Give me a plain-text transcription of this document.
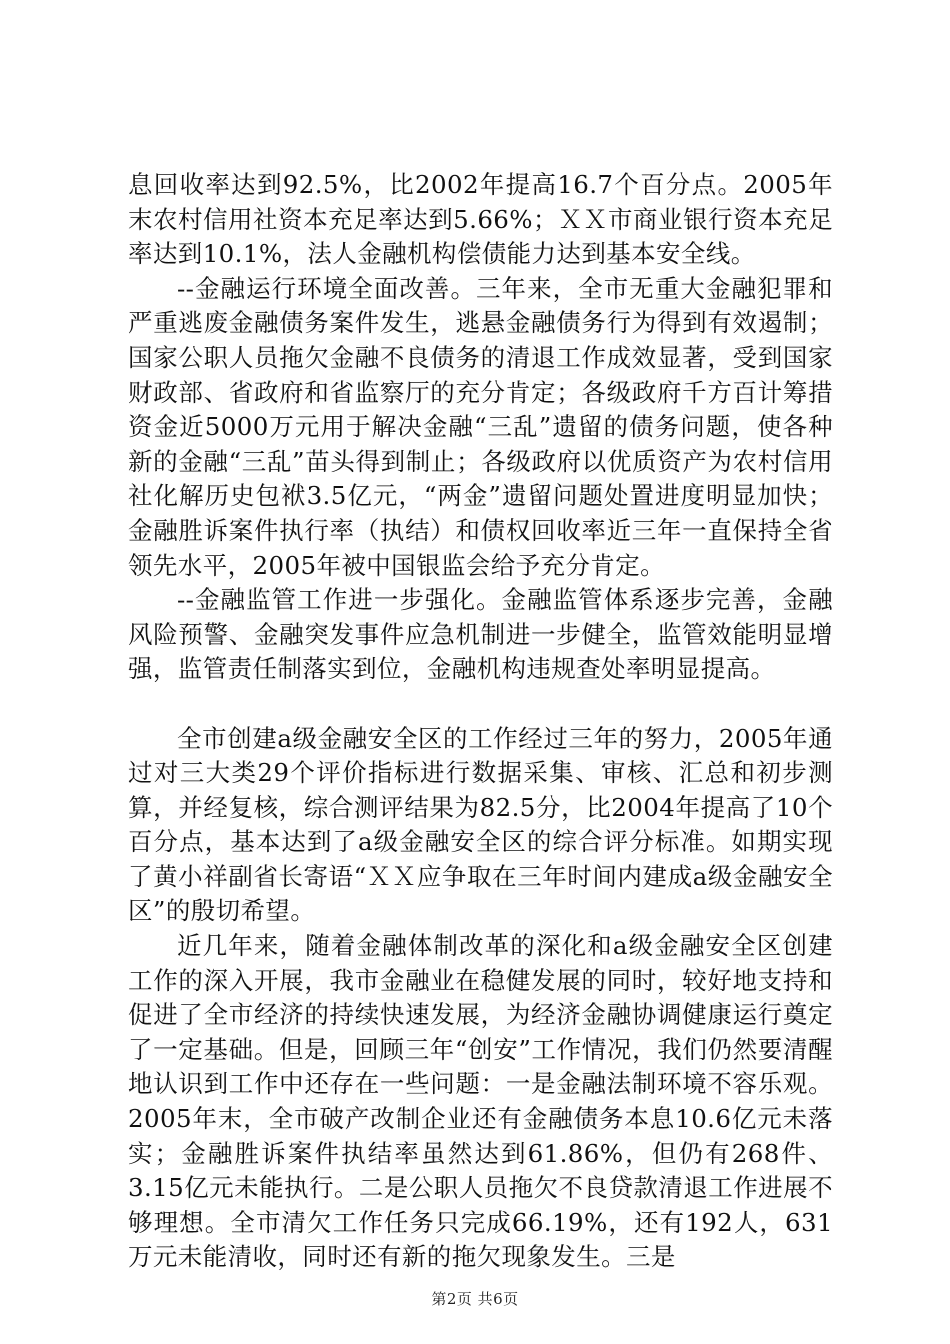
息回收率达到92.5%，比2002年提高16.7个百分点。2005年末农村信用社资本充足率达到5.66%；ＸＸ市商业银行资本充足率达到10.1%，法人金融机构偿债能力达到基本安全线。

--金融运行环境全面改善。三年来，全市无重大金融犯罪和严重逃废金融债务案件发生，逃悬金融债务行为得到有效遏制；国家公职人员拖欠金融不良债务的清退工作成效显著，受到国家财政部、省政府和省监察厅的充分肯定；各级政府千方百计筹措资金近5000万元用于解决金融“三乱”遗留的债务问题，使各种新的金融“三乱”苗头得到制止；各级政府以优质资产为农村信用社化解历史包袱3.5亿元，“两金”遗留问题处置进度明显加快；金融胜诉案件执行率（执结）和债权回收率近三年一直保持全省领先水平，2005年被中国银监会给予充分肯定。

--金融监管工作进一步强化。金融监管体系逐步完善，金融风险预警、金融突发事件应急机制进一步健全，监管效能明显增强，监管责任制落实到位，金融机构违规查处率明显提高。

全市创建a级金融安全区的工作经过三年的努力，2005年通过对三大类29个评价指标进行数据采集、审核、汇总和初步测算，并经复核，综合测评结果为82.5分，比2004年提高了10个百分点，基本达到了a级金融安全区的综合评分标准。如期实现了黄小祥副省长寄语“ＸＸ应争取在三年时间内建成a级金融安全区”的殷切希望。

近几年来，随着金融体制改革的深化和a级金融安全区创建工作的深入开展，我市金融业在稳健发展的同时，较好地支持和促进了全市经济的持续快速发展，为经济金融协调健康运行奠定了一定基础。但是，回顾三年“创安”工作情况，我们仍然要清醒地认识到工作中还存在一些问题：一是金融法制环境不容乐观。2005年末，全市破产改制企业还有金融债务本息10.6亿元未落实；金融胜诉案件执结率虽然达到61.86%，但仍有268件、3.15亿元未能执行。二是公职人员拖欠不良贷款清退工作进展不够理想。全市清欠工作任务只完成66.19%，还有192人，631万元未能清收，同时还有新的拖欠现象发生。三是

第2页 共6页
